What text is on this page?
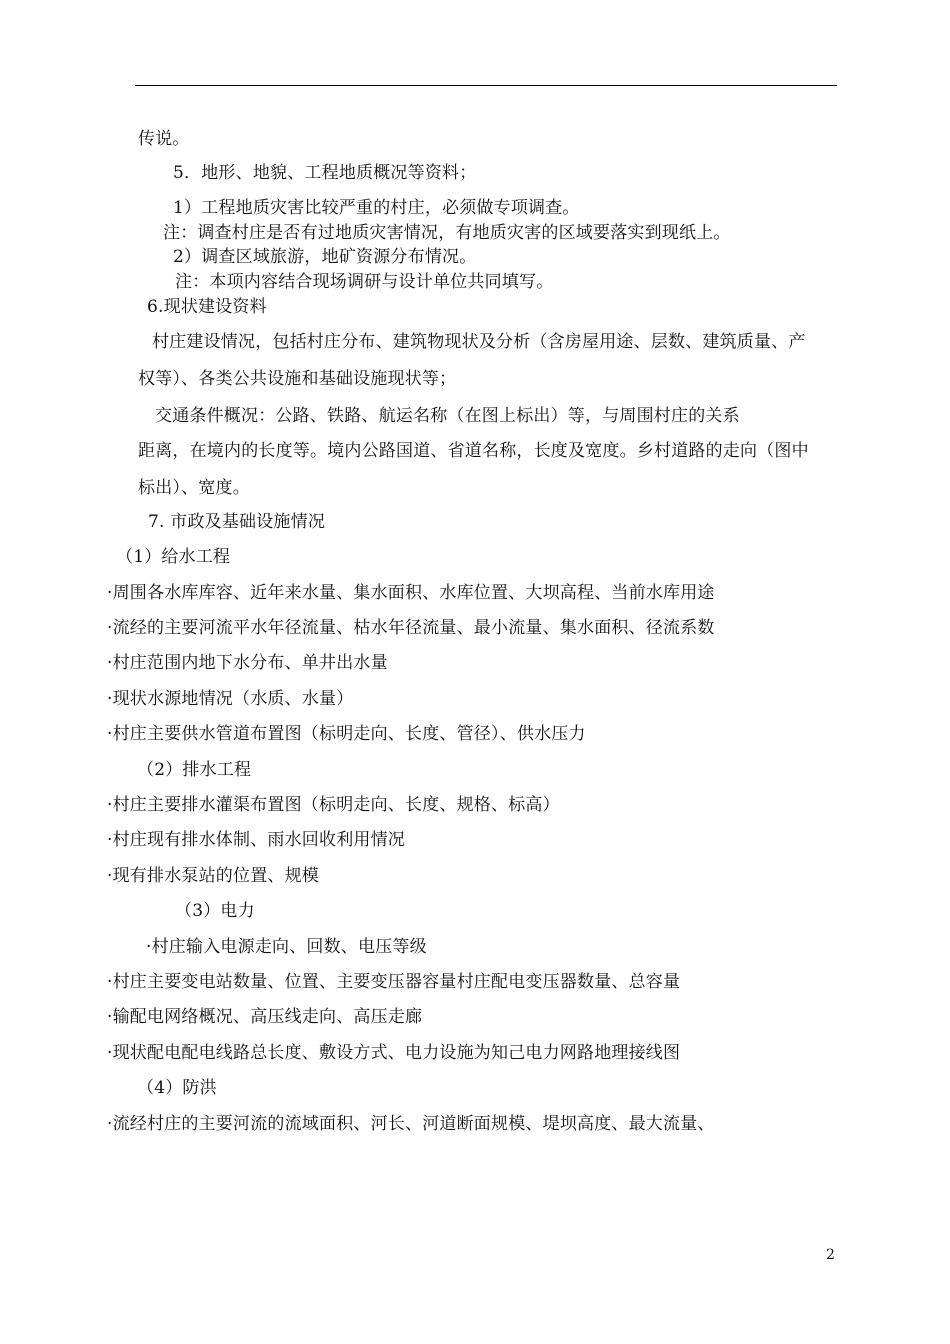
传说。
5．地形、地貌、工程地质概况等资料；
1）工程地质灾害比较严重的村庄，必须做专项调查。
注：调查村庄是否有过地质灾害情况，有地质灾害的区域要落实到现纸上。
2）调查区域旅游，地矿资源分布情况。
注：本项内容结合现场调研与设计单位共同填写。
6.现状建设资料
村庄建设情况，包括村庄分布、建筑物现状及分析（含房屋用途、层数、建筑质量、产
权等）、各类公共设施和基础设施现状等；
交通条件概况：公路、铁路、航运名称（在图上标出）等，与周围村庄的关系
距离，在境内的长度等。境内公路国道、省道名称，长度及宽度。乡村道路的走向（图中
标出）、宽度。
7. 市政及基础设施情况
（1）给水工程
·周围各水库库容、近年来水量、集水面积、水库位置、大坝高程、当前水库用途
·流经的主要河流平水年径流量、枯水年径流量、最小流量、集水面积、径流系数
·村庄范围内地下水分布、单井出水量
·现状水源地情况（水质、水量）
·村庄主要供水管道布置图（标明走向、长度、管径）、供水压力
（2）排水工程
·村庄主要排水灌渠布置图（标明走向、长度、规格、标高）
·村庄现有排水体制、雨水回收利用情况
·现有排水泵站的位置、规模
（3）电力
·村庄输入电源走向、回数、电压等级
·村庄主要变电站数量、位置、主要变压器容量村庄配电变压器数量、总容量
·输配电网络概况、高压线走向、高压走廊
·现状配电配电线路总长度、敷设方式、电力设施为知己电力网路地理接线图
（4）防洪
·流经村庄的主要河流的流域面积、河长、河道断面规模、堤坝高度、最大流量、
2
